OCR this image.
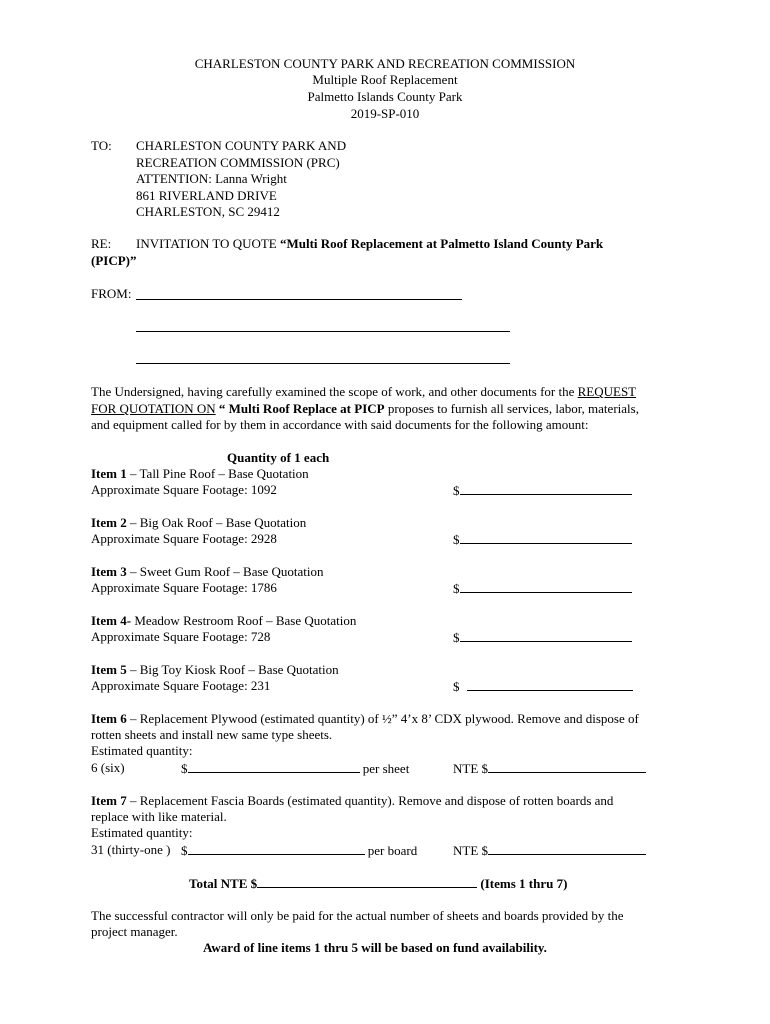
CHARLESTON COUNTY PARK AND RECREATION COMMISSION
Multiple Roof Replacement
Palmetto Islands County Park
2019-SP-010
TO: CHARLESTON COUNTY PARK AND
RECREATION COMMISSION (PRC)
ATTENTION: Lanna Wright
861 RIVERLAND DRIVE
CHARLESTON, SC 29412
RE: INVITATION TO QUOTE “Multi Roof Replacement at Palmetto Island County Park
(PICP)”
FROM:
The Undersigned, having carefully examined the scope of work, and other documents for the REQUEST
FOR QUOTATION ON “ Multi Roof Replace at PICP proposes to furnish all services, labor, materials,
and equipment called for by them in accordance with said documents for the following amount:
Quantity of 1 each
Item 1 – Tall Pine Roof – Base Quotation
Approximate Square Footage: 1092	$
Item 2 – Big Oak Roof – Base Quotation
Approximate Square Footage: 2928	$
Item 3 – Sweet Gum Roof – Base Quotation
Approximate Square Footage: 1786	$
Item 4- Meadow Restroom Roof – Base Quotation
Approximate Square Footage: 728	$
Item 5 – Big Toy Kiosk Roof – Base Quotation
Approximate Square Footage: 231	$
Item 6 – Replacement Plywood (estimated quantity) of ½” 4’x 8’ CDX plywood. Remove and dispose of
rotten sheets and install new same type sheets.
Estimated quantity:
6 (six)	$	per sheet	NTE $
Item 7 – Replacement Fascia Boards (estimated quantity). Remove and dispose of rotten boards and
replace with like material.
Estimated quantity:
31 (thirty-one ) $	per board	NTE $
Total NTE $	(Items 1 thru 7)
The successful contractor will only be paid for the actual number of sheets and boards provided by the
project manager.
Award of line items 1 thru 5 will be based on fund availability.
